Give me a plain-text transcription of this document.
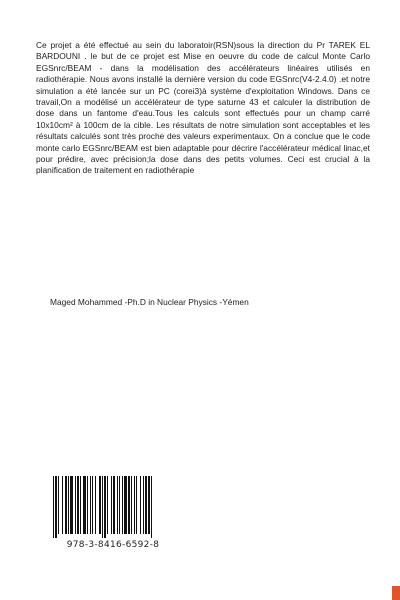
Ce projet a été effectué au sein du laboratoir(RSN)sous la direction du Pr TAREK EL BARDOUNI . le but de ce projet est Mise en oeuvre du code de calcul Monte Carlo EGSnrc/BEAM - dans la modélisation des accélérateurs linéaires utilisés en radiothérapie. Nous avons installé la dernière version du code EGSnrc(V4-2.4.0) .et notre simulation a été lancée sur un PC (corei3)à système d'exploitation Windows. Dans ce travail,On a modélisé un accélérateur de type saturne 43 et calculer la distribution de dose dans un fantome d'eau.Tous les calculs sont effectués pour un champ carré 10x10cm² à 100cm de la cible. Les résultats de notre simulation sont acceptables et les résultats calculés sont très proche des valeurs experimentaux. On a conclue que le code monte carlo EGSnrc/BEAM est bien adaptable pour décrire l'accélérateur médical linac,et pour prédire, avec précision;la dose dans des petits volumes. Ceci est crucial à la planification de traitement en radiothérapie
Maged Mohammed -Ph.D in Nuclear Physics -Yémen
978-3-8416-6592-8
